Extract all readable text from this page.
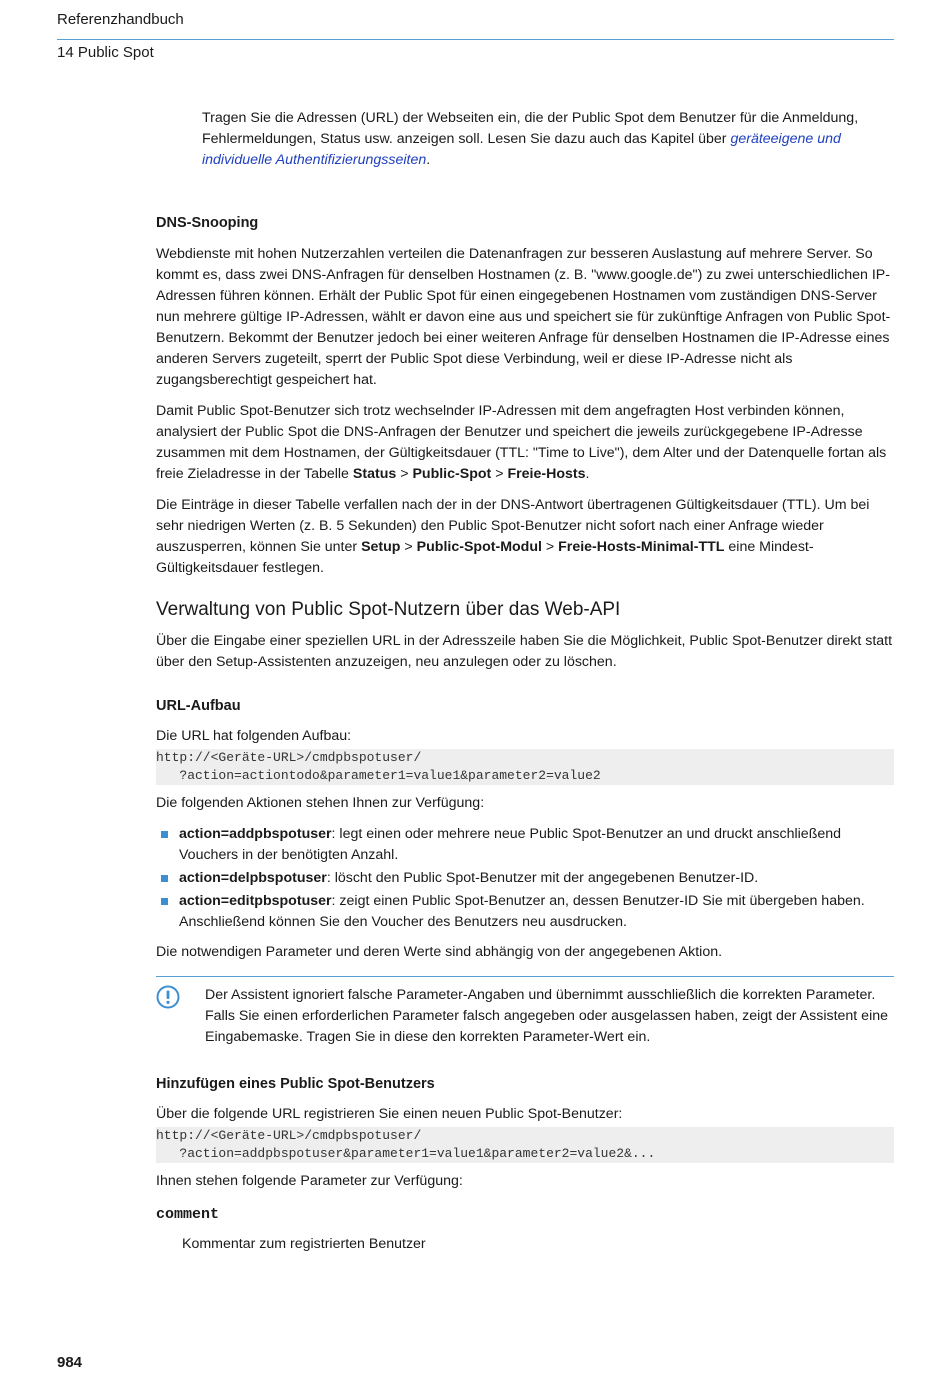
Referenzhandbuch
14 Public Spot

Tragen Sie die Adressen (URL) der Webseiten ein, die der Public Spot dem Benutzer für die Anmeldung, Fehlermeldungen, Status usw. anzeigen soll. Lesen Sie dazu auch das Kapitel über geräteeigene und individuelle Authentifizierungsseiten.

DNS-Snooping

Webdienste mit hohen Nutzerzahlen verteilen die Datenanfragen zur besseren Auslastung auf mehrere Server. So kommt es, dass zwei DNS-Anfragen für denselben Hostnamen (z. B. "www.google.de") zu zwei unterschiedlichen IP-Adressen führen können. Erhält der Public Spot für einen eingegebenen Hostnamen vom zuständigen DNS-Server nun mehrere gültige IP-Adressen, wählt er davon eine aus und speichert sie für zukünftige Anfragen von Public Spot-Benutzern. Bekommt der Benutzer jedoch bei einer weiteren Anfrage für denselben Hostnamen die IP-Adresse eines anderen Servers zugeteilt, sperrt der Public Spot diese Verbindung, weil er diese IP-Adresse nicht als zugangsberechtigt gespeichert hat.

Damit Public Spot-Benutzer sich trotz wechselnder IP-Adressen mit dem angefragten Host verbinden können, analysiert der Public Spot die DNS-Anfragen der Benutzer und speichert die jeweils zurückgegebene IP-Adresse zusammen mit dem Hostnamen, der Gültigkeitsdauer (TTL: "Time to Live"), dem Alter und der Datenquelle fortan als freie Zieladresse in der Tabelle Status > Public-Spot > Freie-Hosts.

Die Einträge in dieser Tabelle verfallen nach der in der DNS-Antwort übertragenen Gültigkeitsdauer (TTL). Um bei sehr niedrigen Werten (z. B. 5 Sekunden) den Public Spot-Benutzer nicht sofort nach einer Anfrage wieder auszusperren, können Sie unter Setup > Public-Spot-Modul > Freie-Hosts-Minimal-TTL eine Mindest-Gültigkeitsdauer festlegen.

Verwaltung von Public Spot-Nutzern über das Web-API

Über die Eingabe einer speziellen URL in der Adresszeile haben Sie die Möglichkeit, Public Spot-Benutzer direkt statt über den Setup-Assistenten anzuzeigen, neu anzulegen oder zu löschen.

URL-Aufbau

Die URL hat folgenden Aufbau:

http://<Geräte-URL>/cmdpbspotuser/
?action=actiontodo&parameter1=value1&parameter2=value2

Die folgenden Aktionen stehen Ihnen zur Verfügung:

action=addpbspotuser: legt einen oder mehrere neue Public Spot-Benutzer an und druckt anschließend Vouchers in der benötigten Anzahl.
action=delpbspotuser: löscht den Public Spot-Benutzer mit der angegebenen Benutzer-ID.
action=editpbspotuser: zeigt einen Public Spot-Benutzer an, dessen Benutzer-ID Sie mit übergeben haben. Anschließend können Sie den Voucher des Benutzers neu ausdrucken.

Die notwendigen Parameter und deren Werte sind abhängig von der angegebenen Aktion.

Der Assistent ignoriert falsche Parameter-Angaben und übernimmt ausschließlich die korrekten Parameter. Falls Sie einen erforderlichen Parameter falsch angegeben oder ausgelassen haben, zeigt der Assistent eine Eingabemaske. Tragen Sie in diese den korrekten Parameter-Wert ein.

Hinzufügen eines Public Spot-Benutzers

Über die folgende URL registrieren Sie einen neuen Public Spot-Benutzer:

http://<Geräte-URL>/cmdpbspotuser/
?action=addpbspotuser&parameter1=value1&parameter2=value2&...

Ihnen stehen folgende Parameter zur Verfügung:

comment

Kommentar zum registrierten Benutzer

984
